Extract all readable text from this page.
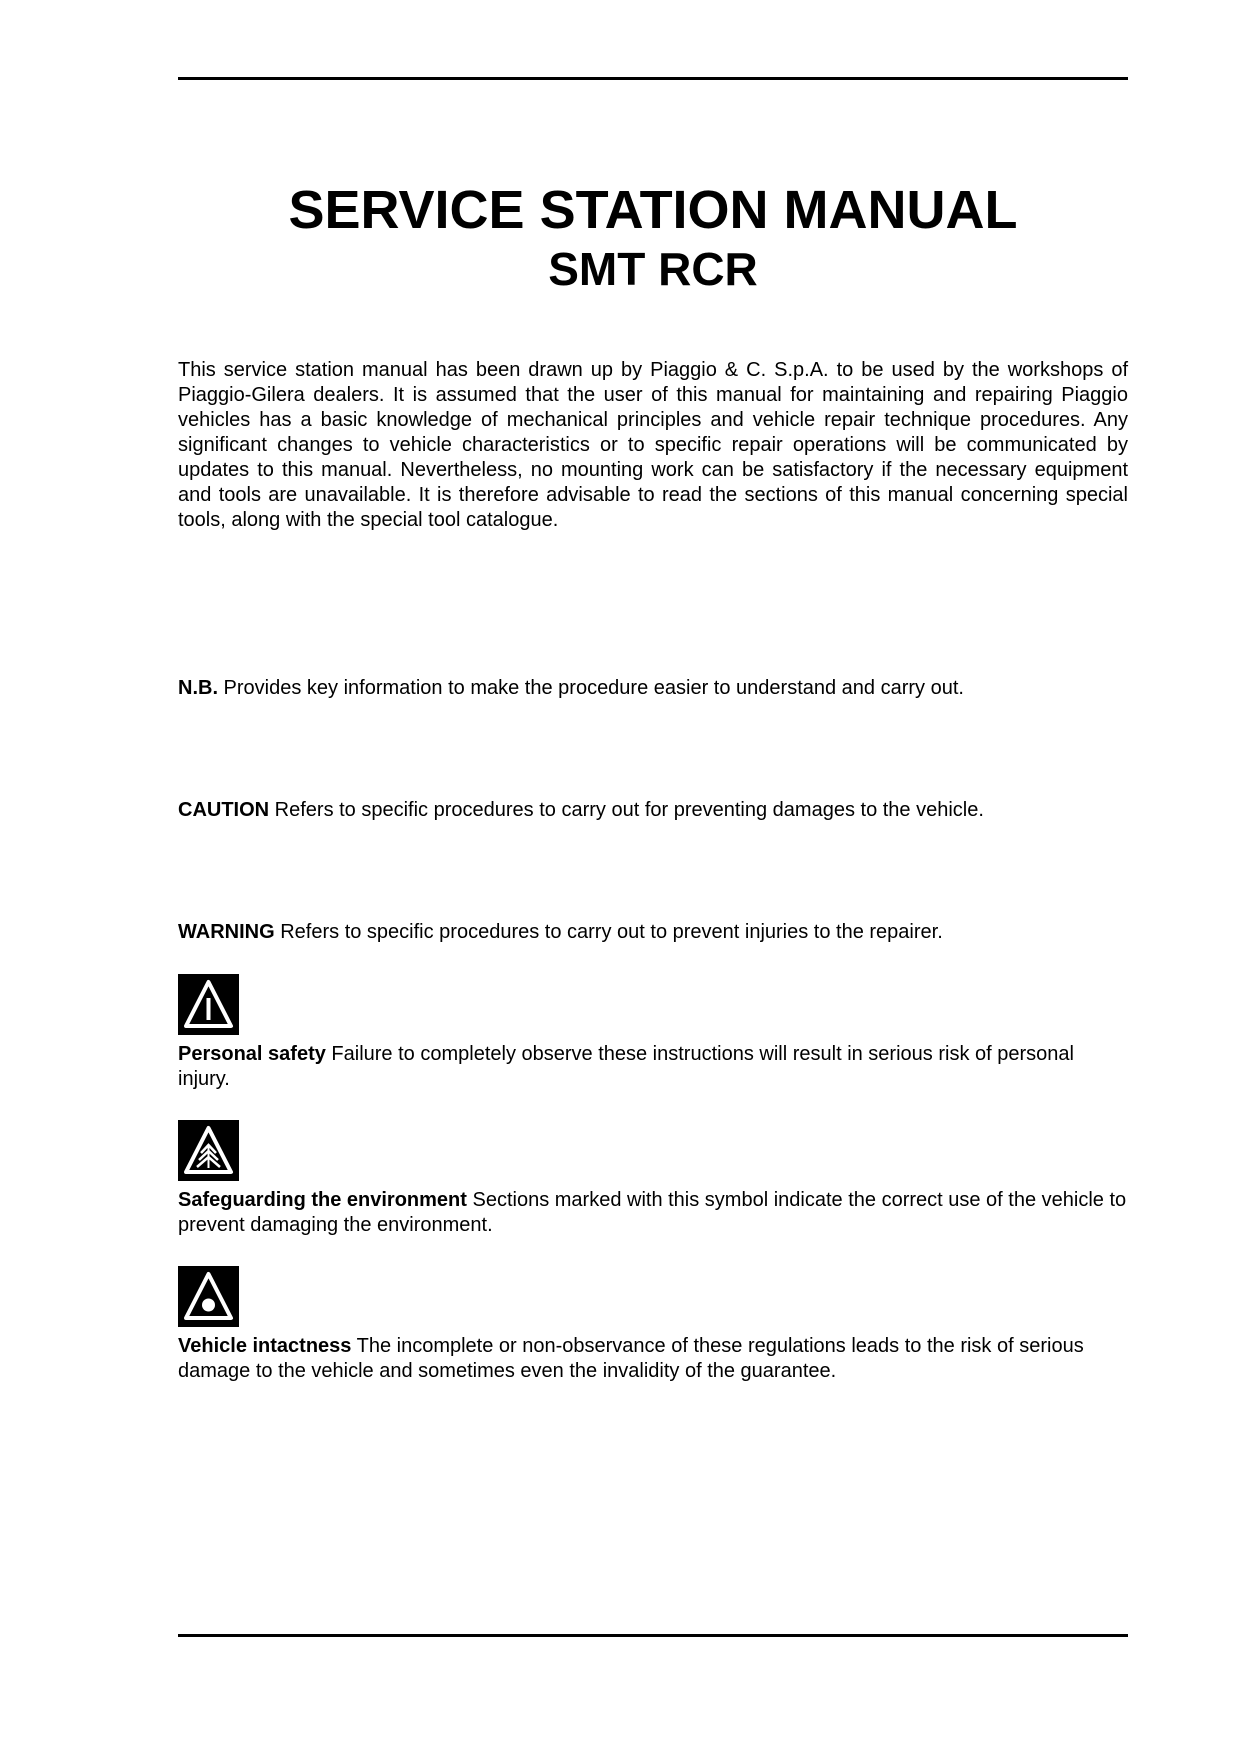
SERVICE STATION MANUAL
SMT RCR

This service station manual has been drawn up by Piaggio & C. S.p.A. to be used by the workshops of Piaggio-Gilera dealers. It is assumed that the user of this manual for maintaining and repairing Piaggio vehicles has a basic knowledge of mechanical principles and vehicle repair technique procedures. Any significant changes to vehicle characteristics or to specific repair operations will be communicated by updates to this manual. Nevertheless, no mounting work can be satisfactory if the necessary equipment and tools are unavailable. It is therefore advisable to read the sections of this manual concerning special tools, along with the special tool catalogue.

N.B. Provides key information to make the procedure easier to understand and carry out.

CAUTION Refers to specific procedures to carry out for preventing damages to the vehicle.

WARNING Refers to specific procedures to carry out to prevent injuries to the repairer.

Personal safety Failure to completely observe these instructions will result in serious risk of personal injury.

Safeguarding the environment Sections marked with this symbol indicate the correct use of the vehicle to prevent damaging the environment.

Vehicle intactness The incomplete or non-observance of these regulations leads to the risk of serious damage to the vehicle and sometimes even the invalidity of the guarantee.
